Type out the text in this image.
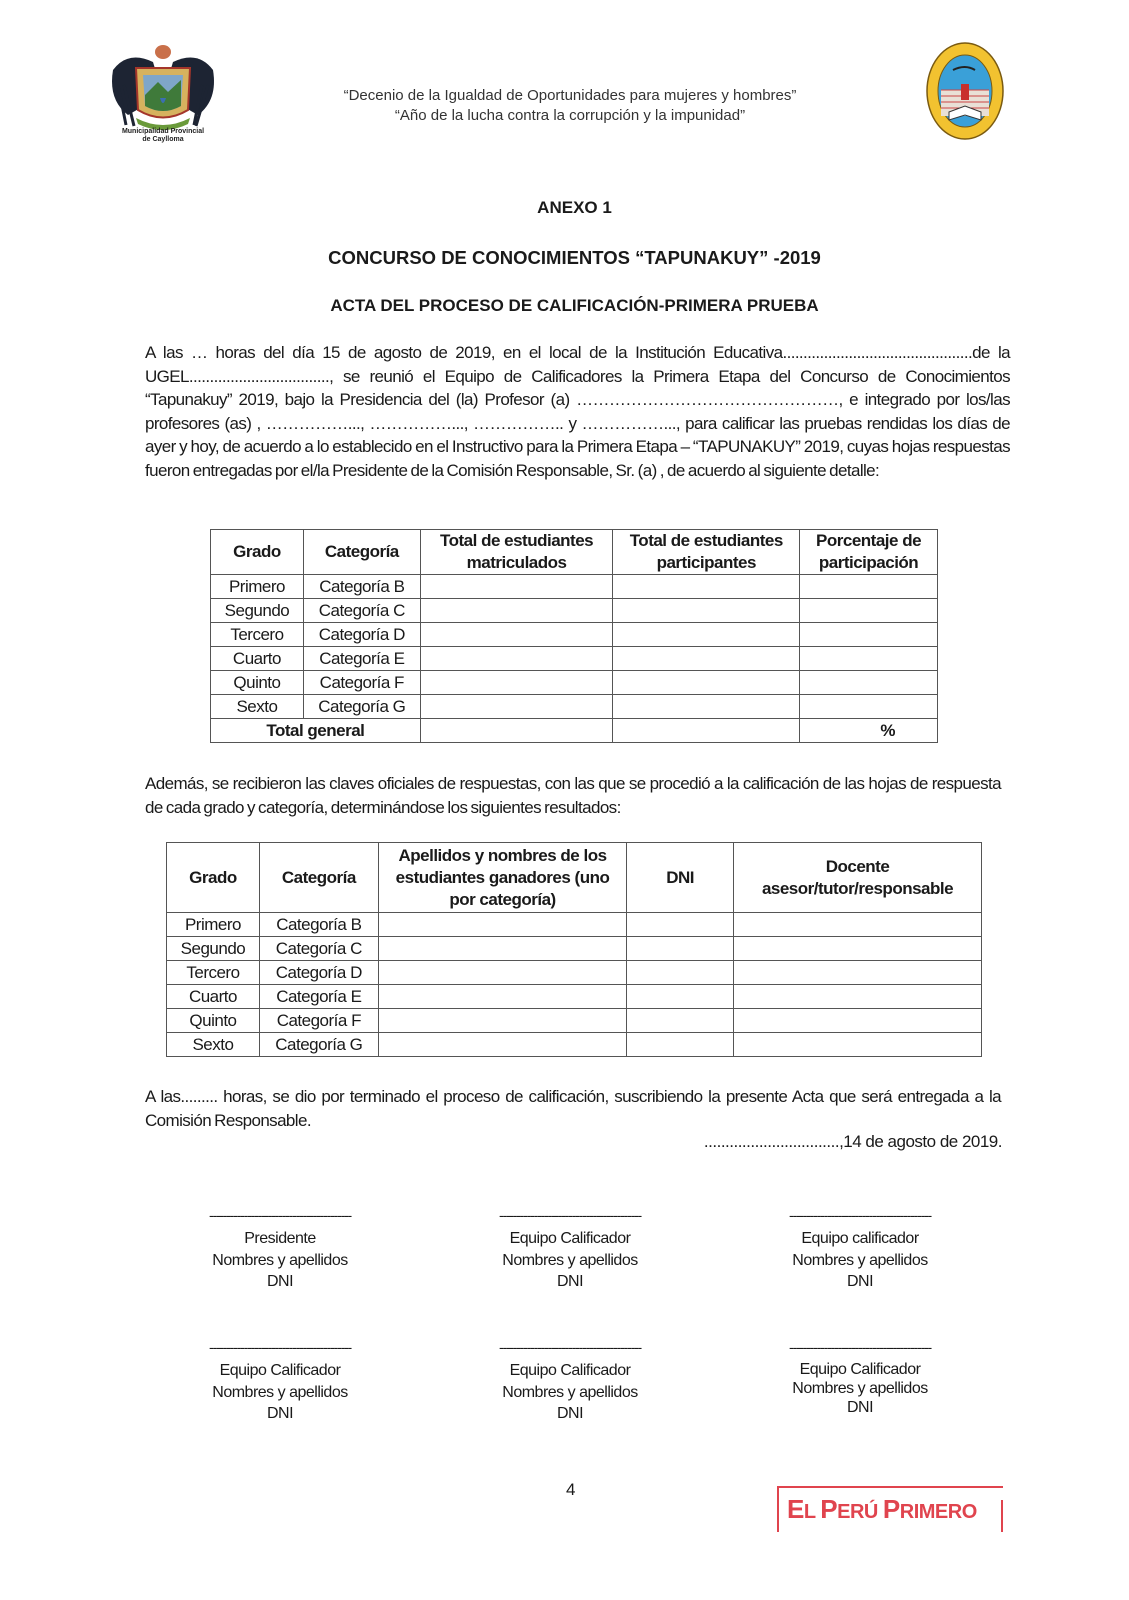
Municipalidad Provincial
de Caylloma
“Decenio de la Igualdad de Oportunidades para mujeres y hombres”
“Año de la lucha contra la corrupción y la impunidad”
ANEXO 1
CONCURSO DE CONOCIMIENTOS “TAPUNAKUY” -2019
ACTA DEL PROCESO DE CALIFICACIÓN-PRIMERA PRUEBA

A las … horas del día 15 de agosto de 2019, en el local de la Institución Educativa..............................................de la UGEL.................................., se reunió el Equipo de Calificadores la Primera Etapa del Concurso de Conocimientos “Tapunakuy” 2019, bajo la Presidencia del (la) Profesor (a) …………………………………………, e integrado por los/las profesores (as) , ……………..., ……………..., …………….. y ……………..., para calificar las pruebas rendidas los días de ayer y hoy, de acuerdo a lo establecido en el Instructivo para la Primera Etapa – “TAPUNAKUY” 2019, cuyas hojas respuestas fueron entregadas por el/la Presidente de la Comisión Responsable, Sr. (a) , de acuerdo al siguiente detalle:

Grado	Categoría	Total de estudiantes matriculados	Total de estudiantes participantes	Porcentaje de participación
Primero	Categoría B			
Segundo	Categoría C			
Tercero	Categoría D			
Cuarto	Categoría E			
Quinto	Categoría F			
Sexto	Categoría G			
Total general				%

Además, se recibieron las claves oficiales de respuestas, con las que se procedió a la calificación de las hojas de respuesta de cada grado y categoría, determinándose los siguientes resultados:

Grado	Categoría	Apellidos y nombres de los estudiantes ganadores (uno por categoría)	DNI	Docente asesor/tutor/responsable
Primero	Categoría B			
Segundo	Categoría C			
Tercero	Categoría D			
Cuarto	Categoría E			
Quinto	Categoría F			
Sexto	Categoría G			

A las......... horas, se dio por terminado el proceso de calificación, suscribiendo la presente Acta que será entregada a la Comisión Responsable.

................................,14 de agosto de 2019.
-----------------------------------------
Presidente
Nombres y apellidos
DNI
-----------------------------------------
Equipo Calificador
Nombres y apellidos
DNI
-----------------------------------------
Equipo calificador
Nombres y apellidos
DNI
-----------------------------------------
Equipo Calificador
Nombres y apellidos
DNI
-----------------------------------------
Equipo Calificador
Nombres y apellidos
DNI
-----------------------------------------
Equipo Calificador
Nombres y apellidos
DNI
4
EL PERÚ PRIMERO
